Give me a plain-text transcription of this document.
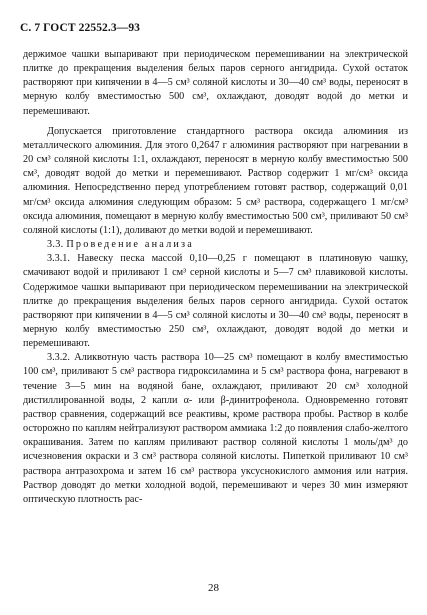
С. 7 ГОСТ 22552.3—93

держимое чашки выпаривают при периодическом перемешивании на электрической плитке до прекращения выделения белых паров серного ангидрида. Сухой остаток растворяют при кипячении в 4—5 см³ соляной кислоты и 30—40 см³ воды, переносят в мерную колбу вместимостью 500 см³, охлаждают, доводят водой до метки и перемешивают.

Допускается приготовление стандартного раствора оксида алюминия из металлического алюминия. Для этого 0,2647 г алюминия растворяют при нагревании в 20 см³ соляной кислоты 1:1, охлаждают, переносят в мерную колбу вместимостью 500 см³, доводят водой до метки и перемешивают. Раствор содержит 1 мг/см³ оксида алюминия. Непосредственно перед употреблением готовят раствор, содержащий 0,01 мг/см³ оксида алюминия следующим образом: 5 см³ раствора, содержащего 1 мг/см³ оксида алюминия, помещают в мерную колбу вместимостью 500 см³, приливают 50 см³ соляной кислоты (1:1), доливают до метки водой и перемешивают.

3.3. Проведение анализа

3.3.1. Навеску песка массой 0,10—0,25 г помещают в платиновую чашку, смачивают водой и приливают 1 см³ серной кислоты и 5—7 см³ плавиковой кислоты. Содержимое чашки выпаривают при периодическом перемешивании на электрической плитке до прекращения выделения белых паров серного ангидрида. Сухой остаток растворяют при кипячении в 4—5 см³ соляной кислоты и 30—40 см³ воды, переносят в мерную колбу вместимостью 250 см³, охлаждают, доводят водой до метки и перемешивают.

3.3.2. Аликвотную часть раствора 10—25 см³ помещают в колбу вместимостью 100 см³, приливают 5 см³ раствора гидроксиламина и 5 см³ раствора фона, нагревают в течение 3—5 мин на водяной бане, охлаждают, приливают 20 см³ холодной дистиллированной воды, 2 капли α- или β-динитрофенола. Одновременно готовят раствор сравнения, содержащий все реактивы, кроме раствора пробы. Раствор в колбе осторожно по каплям нейтрализуют раствором аммиака 1:2 до появления слабо-желтого окрашивания. Затем по каплям приливают раствор соляной кислоты 1 моль/дм³ до исчезновения окраски и 3 см³ раствора соляной кислоты. Пипеткой приливают 10 см³ раствора антразохрома и затем 16 см³ раствора уксуснокислого аммония или натрия. Раствор доводят до метки холодной водой, перемешивают и через 30 мин измеряют оптическую плотность рас-

28
